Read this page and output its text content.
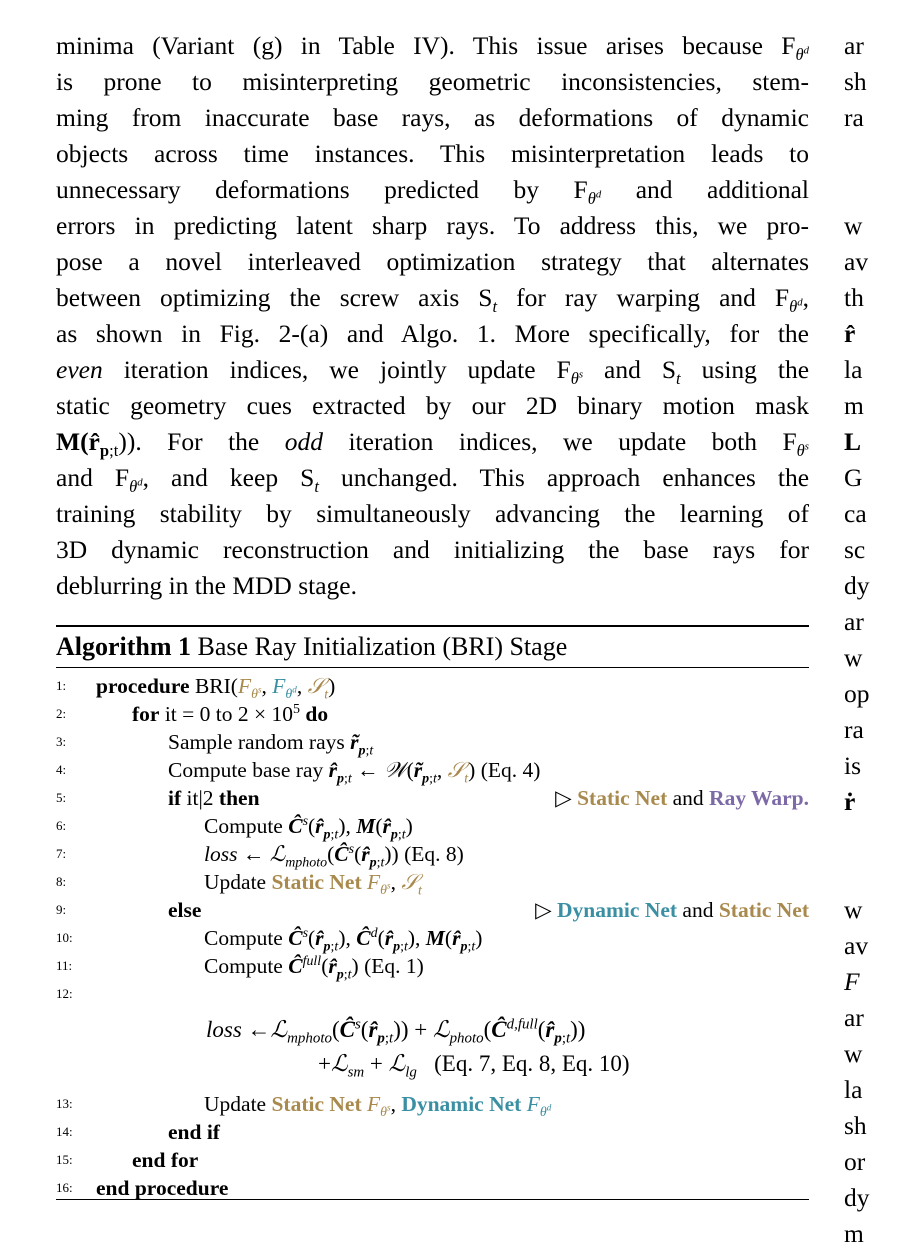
minima (Variant (g) in Table IV). This issue arises because $F_{\theta^d}$
is prone to misinterpreting geometric inconsistencies, stem-
ming from inaccurate base rays, as deformations of dynamic
objects across time instances. This misinterpretation leads to
unnecessary deformations predicted by $F_{\theta^d}$ and additional
errors in predicting latent sharp rays. To address this, we pro-
pose a novel interleaved optimization strategy that alternates
between optimizing the screw axis $S_t$ for ray warping and $F_{\theta^d}$,
as shown in Fig. 2-(a) and Algo. 1. More specifically, for the
even iteration indices, we jointly update $F_{\theta^s}$ and $S_t$ using the
static geometry cues extracted by our 2D binary motion mask
$M(r̂_{p;t})$). For the odd iteration indices, we update both $F_{\theta^s}$
and $F_{\theta^d}$, and keep $S_t$ unchanged. This approach enhances the
training stability by simultaneously advancing the learning of
3D dynamic reconstruction and initializing the base rays for
deblurring in the MDD stage.

ar
sh
ra
w
av
th
r̂
la
m
L
G
ca
sc
dy
ar
w
op
ra
is
ṙ
w
av
F
ar
w
la
sh
or
dy
m
Algorithm 1 Base Ray Initialization (BRI) Stage
1:	procedure $BRI(F_{\theta^s}$, $F_{\theta^d}$, 𝒮$_t$)
2:	for it = 0 to $2 \times 10^5$ do
3:	Sample random rays $r̃_{p;t}$
4:	Compute base ray $r̂_{p;t}$ ← $𝒲(r̃_{p;t}$, 𝒮$_t$) (Eq. 4)
5:	if it|2 then	▷ Static Net and Ray Warp.
6:	Compute $Ĉ^s(r̂_{p;t})$, $M(r̂_{p;t})$
7:	loss ← $ℒ_{mphoto}(Ĉ^s(r̂_{p;t}))$ (Eq. 8)
8:	Update Static Net $F_{\theta^s}$, 𝒮$_t$
9:	else	▷ Dynamic Net and Static Net
10:	Compute $Ĉ^s(r̂_{p;t})$, $Ĉ^d(r̂_{p;t})$, $M(r̂_{p;t})$
11:	Compute $Ĉ^{full}(r̂_{p;t})$ (Eq. 1)
12:
loss $\leftarrow ℒ_{mphoto}(Ĉ^s(r̂_{p;t}))$ + $ℒ_{photo}(Ĉ^{d,full}(r̂_{p;t}))$
+ℒ$_{sm}$ + ℒ$_{lg}$ (Eq. 7, Eq. 8, Eq. 10)
13:	Update Static Net $F_{\theta^s}$, Dynamic Net $F_{\theta^d}$
14:	end if
15:	end for
16:	end procedure
